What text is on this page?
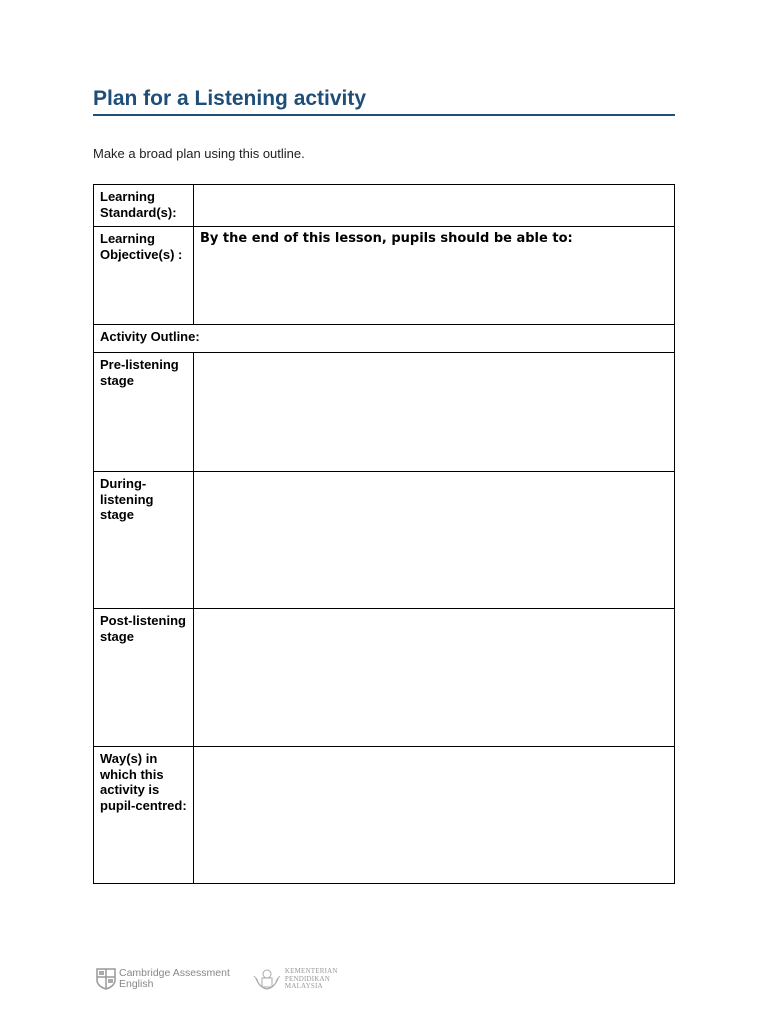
Plan for a Listening activity
Make a broad plan using this outline.
Learning Standard(s):	
Learning Objective(s) :	By the end of this lesson, pupils should be able to:
Activity Outline:	
Pre-listening stage	
During-listening stage	
Post-listening stage	
Way(s) in which this activity is pupil-centred:	
Cambridge Assessment
English
KEMENTERIAN
PENDIDIKAN
MALAYSIA
